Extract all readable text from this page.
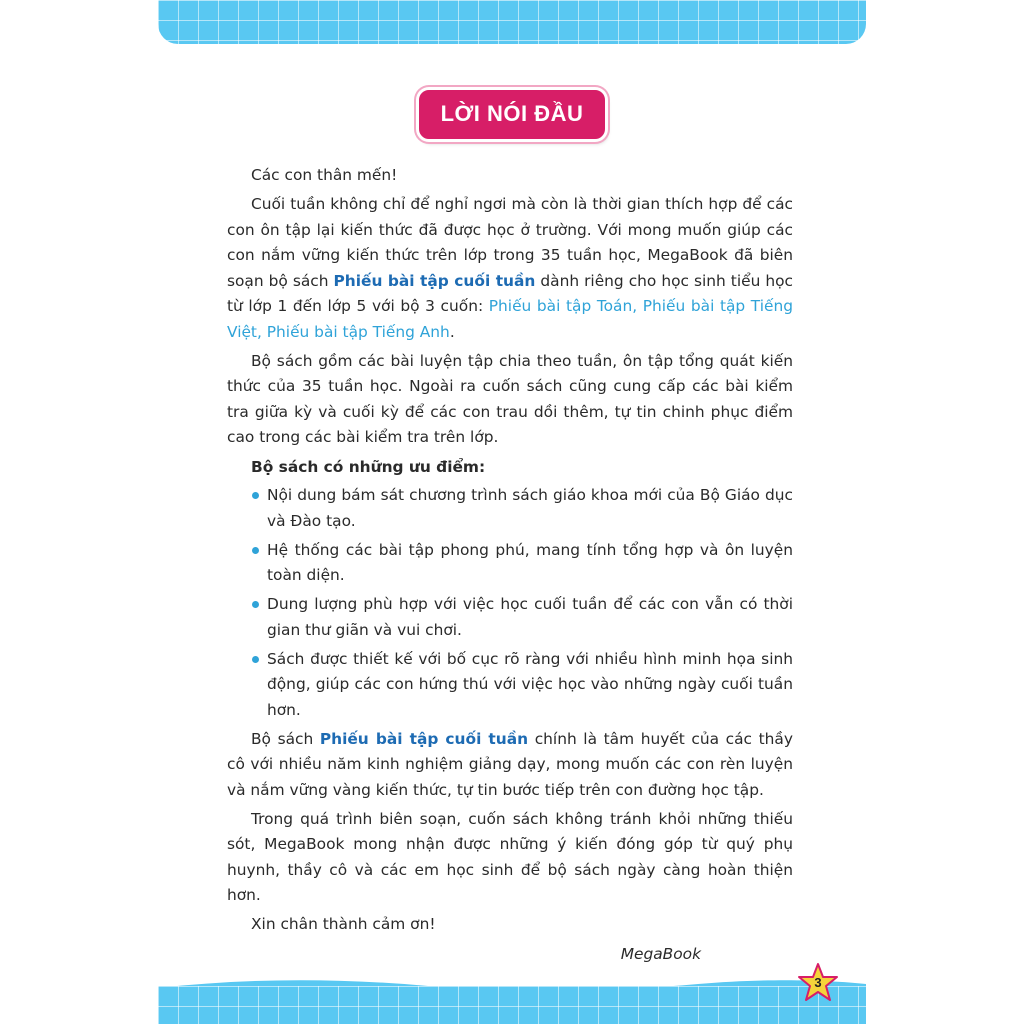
LỜI NÓI ĐẦU

Các con thân mến!

Cuối tuần không chỉ để nghỉ ngơi mà còn là thời gian thích hợp để các con ôn tập lại kiến thức đã được học ở trường. Với mong muốn giúp các con nắm vững kiến thức trên lớp trong 35 tuần học, MegaBook đã biên soạn bộ sách Phiếu bài tập cuối tuần dành riêng cho học sinh tiểu học từ lớp 1 đến lớp 5 với bộ 3 cuốn: Phiếu bài tập Toán, Phiếu bài tập Tiếng Việt, Phiếu bài tập Tiếng Anh.

Bộ sách gồm các bài luyện tập chia theo tuần, ôn tập tổng quát kiến thức của 35 tuần học. Ngoài ra cuốn sách cũng cung cấp các bài kiểm tra giữa kỳ và cuối kỳ để các con trau dồi thêm, tự tin chinh phục điểm cao trong các bài kiểm tra trên lớp.

Bộ sách có những ưu điểm:

Nội dung bám sát chương trình sách giáo khoa mới của Bộ Giáo dục và Đào tạo.
Hệ thống các bài tập phong phú, mang tính tổng hợp và ôn luyện toàn diện.
Dung lượng phù hợp với việc học cuối tuần để các con vẫn có thời gian thư giãn và vui chơi.
Sách được thiết kế với bố cục rõ ràng với nhiều hình minh họa sinh động, giúp các con hứng thú với việc học vào những ngày cuối tuần hơn.

Bộ sách Phiếu bài tập cuối tuần chính là tâm huyết của các thầy cô với nhiều năm kinh nghiệm giảng dạy, mong muốn các con rèn luyện và nắm vững vàng kiến thức, tự tin bước tiếp trên con đường học tập.

Trong quá trình biên soạn, cuốn sách không tránh khỏi những thiếu sót, MegaBook mong nhận được những ý kiến đóng góp từ quý phụ huynh, thầy cô và các em học sinh để bộ sách ngày càng hoàn thiện hơn.

Xin chân thành cảm ơn!

MegaBook
3
